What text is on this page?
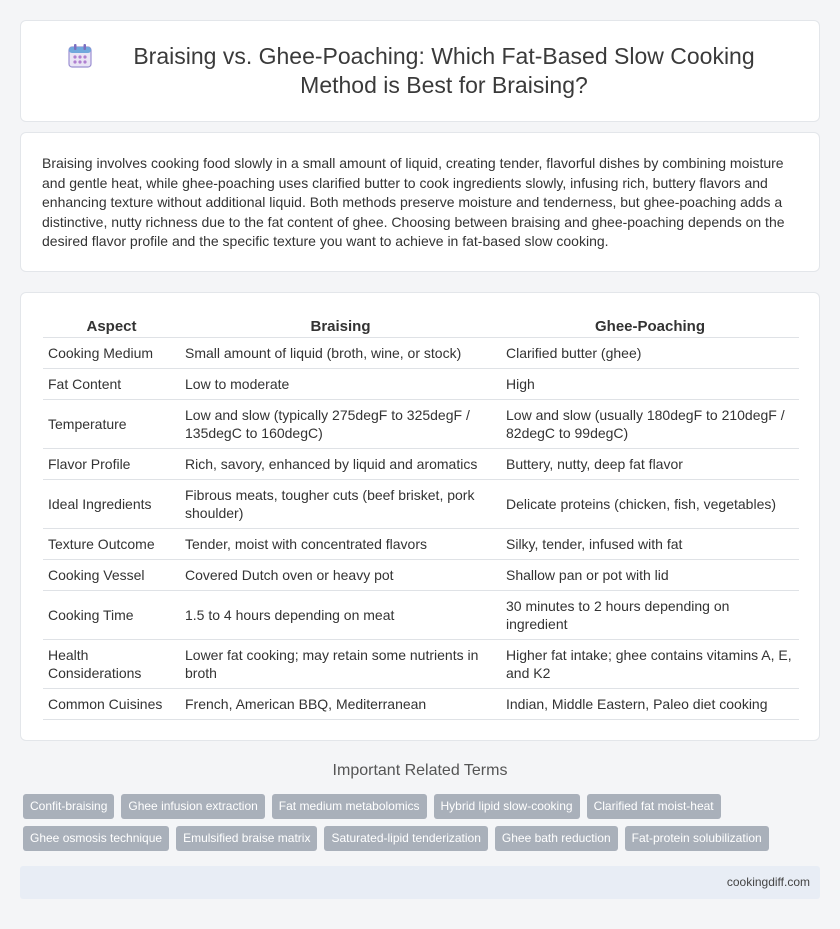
Braising vs. Ghee-Poaching: Which Fat-Based Slow Cooking Method is Best for Braising?

Braising involves cooking food slowly in a small amount of liquid, creating tender, flavorful dishes by combining moisture and gentle heat, while ghee-poaching uses clarified butter to cook ingredients slowly, infusing rich, buttery flavors and enhancing texture without additional liquid. Both methods preserve moisture and tenderness, but ghee-poaching adds a distinctive, nutty richness due to the fat content of ghee. Choosing between braising and ghee-poaching depends on the desired flavor profile and the specific texture you want to achieve in fat-based slow cooking.

Aspect	Braising	Ghee-Poaching
Cooking Medium	Small amount of liquid (broth, wine, or stock)	Clarified butter (ghee)
Fat Content	Low to moderate	High
Temperature	Low and slow (typically 275degF to 325degF / 135degC to 160degC)	Low and slow (usually 180degF to 210degF / 82degC to 99degC)
Flavor Profile	Rich, savory, enhanced by liquid and aromatics	Buttery, nutty, deep fat flavor
Ideal Ingredients	Fibrous meats, tougher cuts (beef brisket, pork shoulder)	Delicate proteins (chicken, fish, vegetables)
Texture Outcome	Tender, moist with concentrated flavors	Silky, tender, infused with fat
Cooking Vessel	Covered Dutch oven or heavy pot	Shallow pan or pot with lid
Cooking Time	1.5 to 4 hours depending on meat	30 minutes to 2 hours depending on ingredient
Health Considerations	Lower fat cooking; may retain some nutrients in broth	Higher fat intake; ghee contains vitamins A, E, and K2
Common Cuisines	French, American BBQ, Mediterranean	Indian, Middle Eastern, Paleo diet cooking
Important Related Terms
Confit-braising	Ghee infusion extraction	Fat medium metabolomics	Hybrid lipid slow-cooking	Clarified fat moist-heat
Ghee osmosis technique	Emulsified braise matrix	Saturated-lipid tenderization	Ghee bath reduction	Fat-protein solubilization
cookingdiff.com
